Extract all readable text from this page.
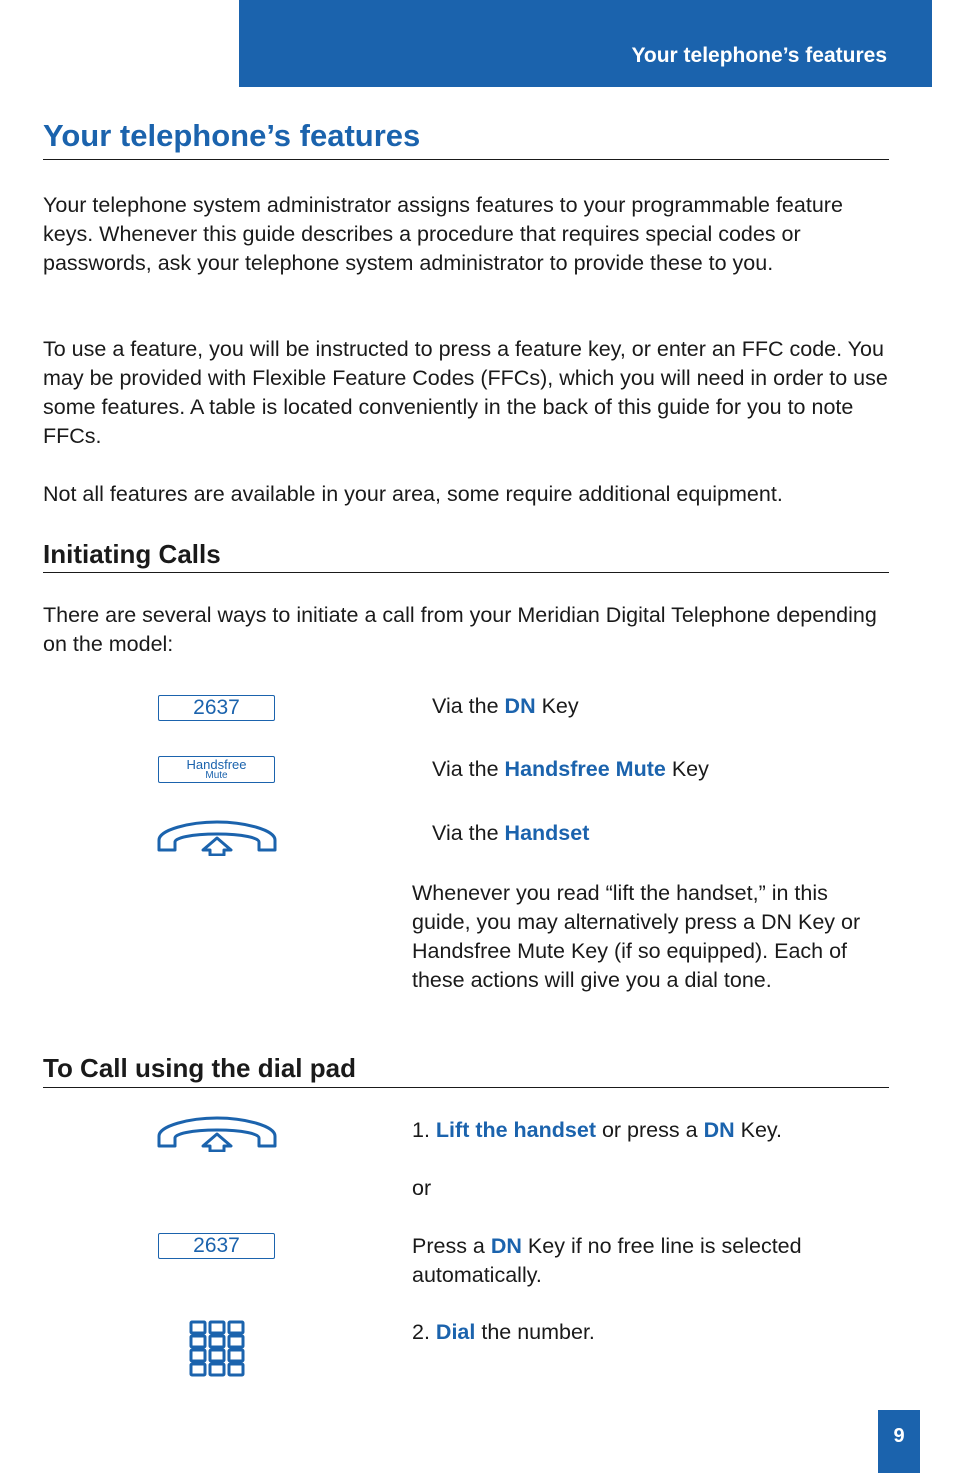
Your telephone’s features

Your telephone’s features

Your telephone system administrator assigns features to your programmable feature keys. Whenever this guide describes a procedure that requires special codes or passwords, ask your telephone system administrator to provide these to you.

To use a feature, you will be instructed to press a feature key, or enter an FFC code. You may be provided with Flexible Feature Codes (FFCs), which you will need in order to use some features. A table is located conveniently in the back of this guide for you to note FFCs.

Not all features are available in your area, some require additional equipment.

Initiating Calls

There are several ways to initiate a call from your Meridian Digital Telephone depending on the model:

2637	Via the DN Key

Handsfree
Mute	Via the Handsfree Mute Key

Via the Handset

Whenever you read “lift the handset,” in this guide, you may alternatively press a DN Key or Handsfree Mute Key (if so equipped). Each of these actions will give you a dial tone.

To Call using the dial pad

1. Lift the handset or press a DN Key.

or

2637	Press a DN Key if no free line is selected automatically.

2. Dial the number.

9
